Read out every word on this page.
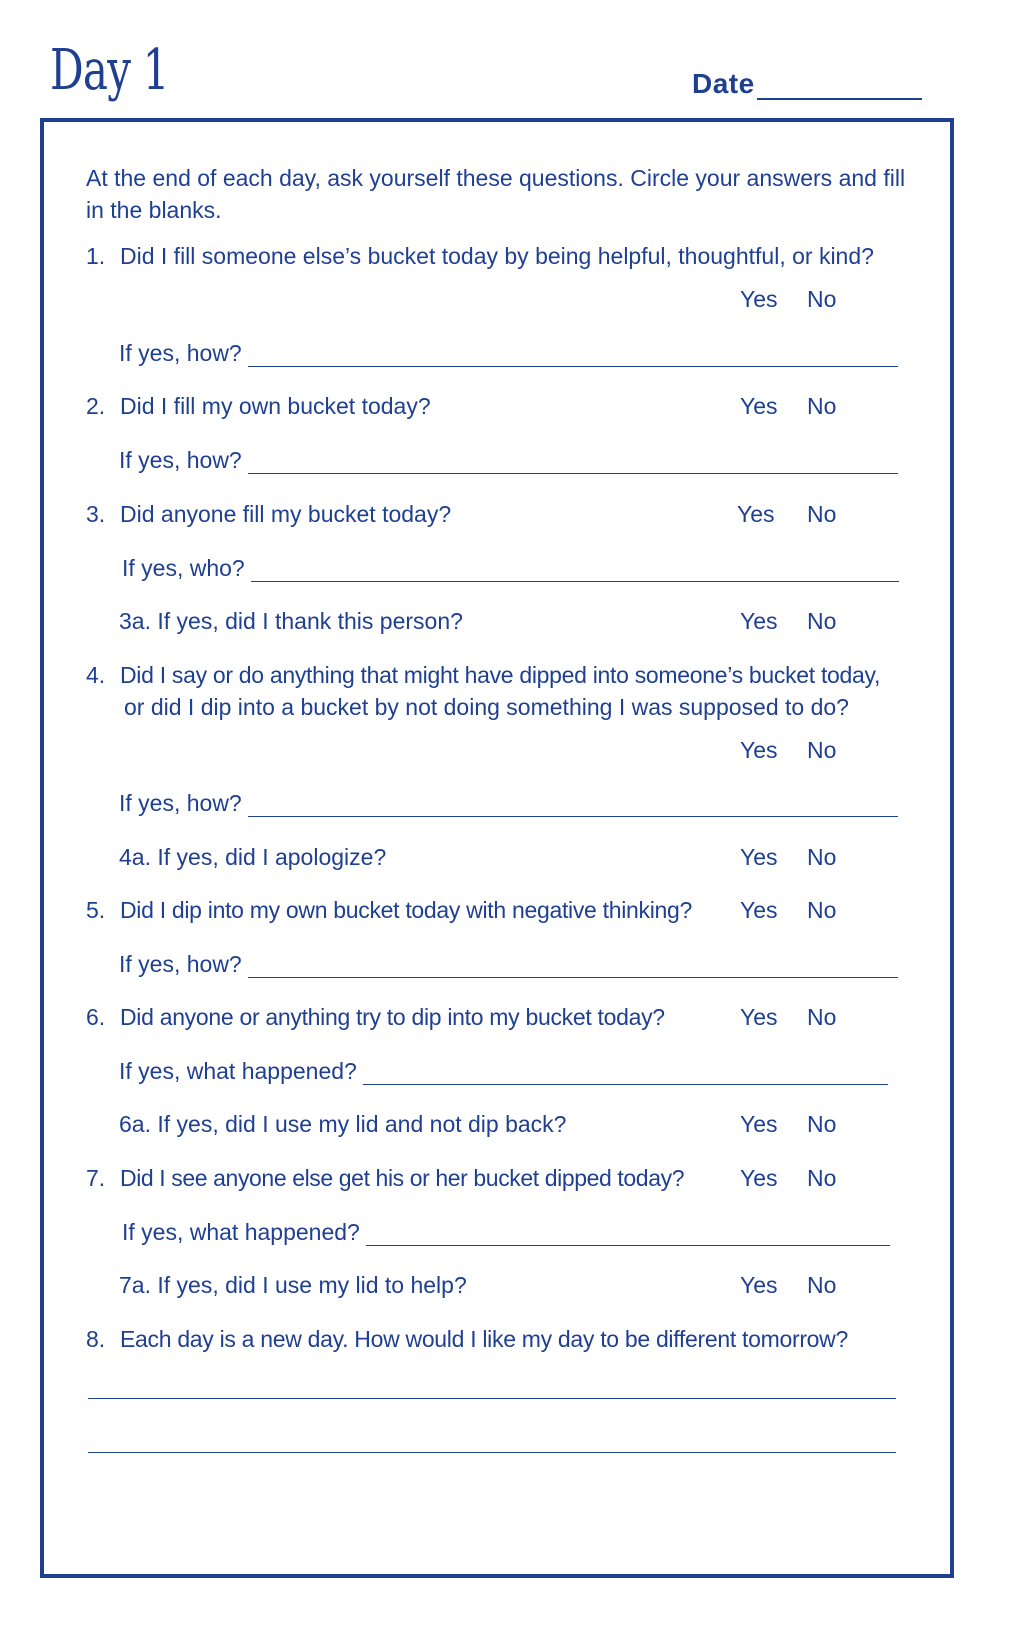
Day 1	Date
At the end of each day, ask yourself these questions. Circle your answers and fill in the blanks.
1. Did I fill someone else’s bucket today by being helpful, thoughtful, or kind?
Yes No
If yes, how?
2. Did I fill my own bucket today?	Yes No
If yes, how?
3. Did anyone fill my bucket today?	Yes No
If yes, who?
3a. If yes, did I thank this person?	Yes No
4. Did I say or do anything that might have dipped into someone’s bucket today,
or did I dip into a bucket by not doing something I was supposed to do?
Yes No
If yes, how?
4a. If yes, did I apologize?	Yes No
5. Did I dip into my own bucket today with negative thinking? Yes No
If yes, how?
6. Did anyone or anything try to dip into my bucket today?	Yes No
If yes, what happened?
6a. If yes, did I use my lid and not dip back?	Yes No
7. Did I see anyone else get his or her bucket dipped today? Yes No
If yes, what happened?
7a. If yes, did I use my lid to help?	Yes No
8. Each day is a new day. How would I like my day to be different tomorrow?
